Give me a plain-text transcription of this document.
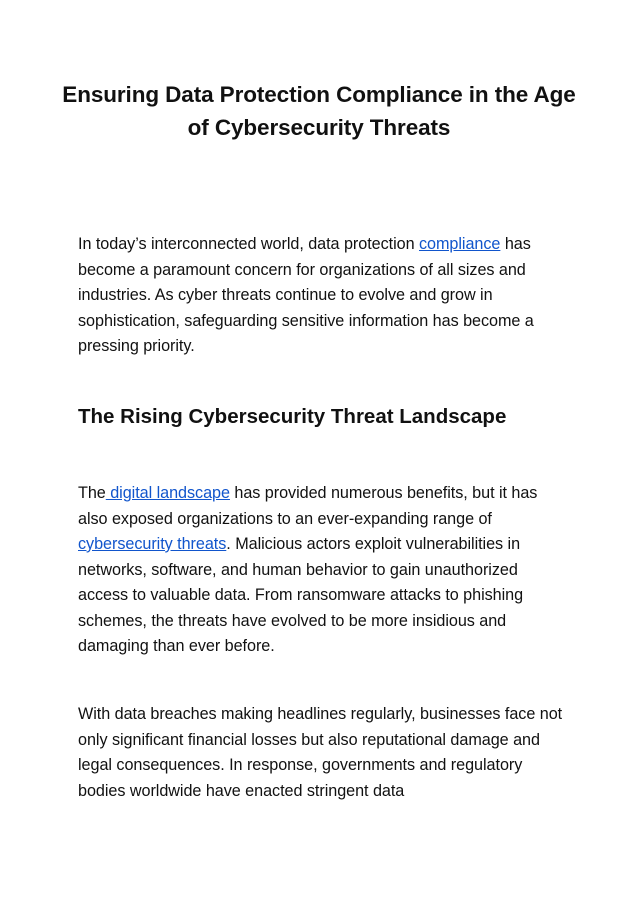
Ensuring Data Protection Compliance in the Age of Cybersecurity Threats

In today’s interconnected world, data protection compliance has become a paramount concern for organizations of all sizes and industries. As cyber threats continue to evolve and grow in sophistication, safeguarding sensitive information has become a pressing priority.

The Rising Cybersecurity Threat Landscape

The digital landscape has provided numerous benefits, but it has also exposed organizations to an ever-expanding range of cybersecurity threats. Malicious actors exploit vulnerabilities in networks, software, and human behavior to gain unauthorized access to valuable data. From ransomware attacks to phishing schemes, the threats have evolved to be more insidious and damaging than ever before.

With data breaches making headlines regularly, businesses face not only significant financial losses but also reputational damage and legal consequences. In response, governments and regulatory bodies worldwide have enacted stringent data
